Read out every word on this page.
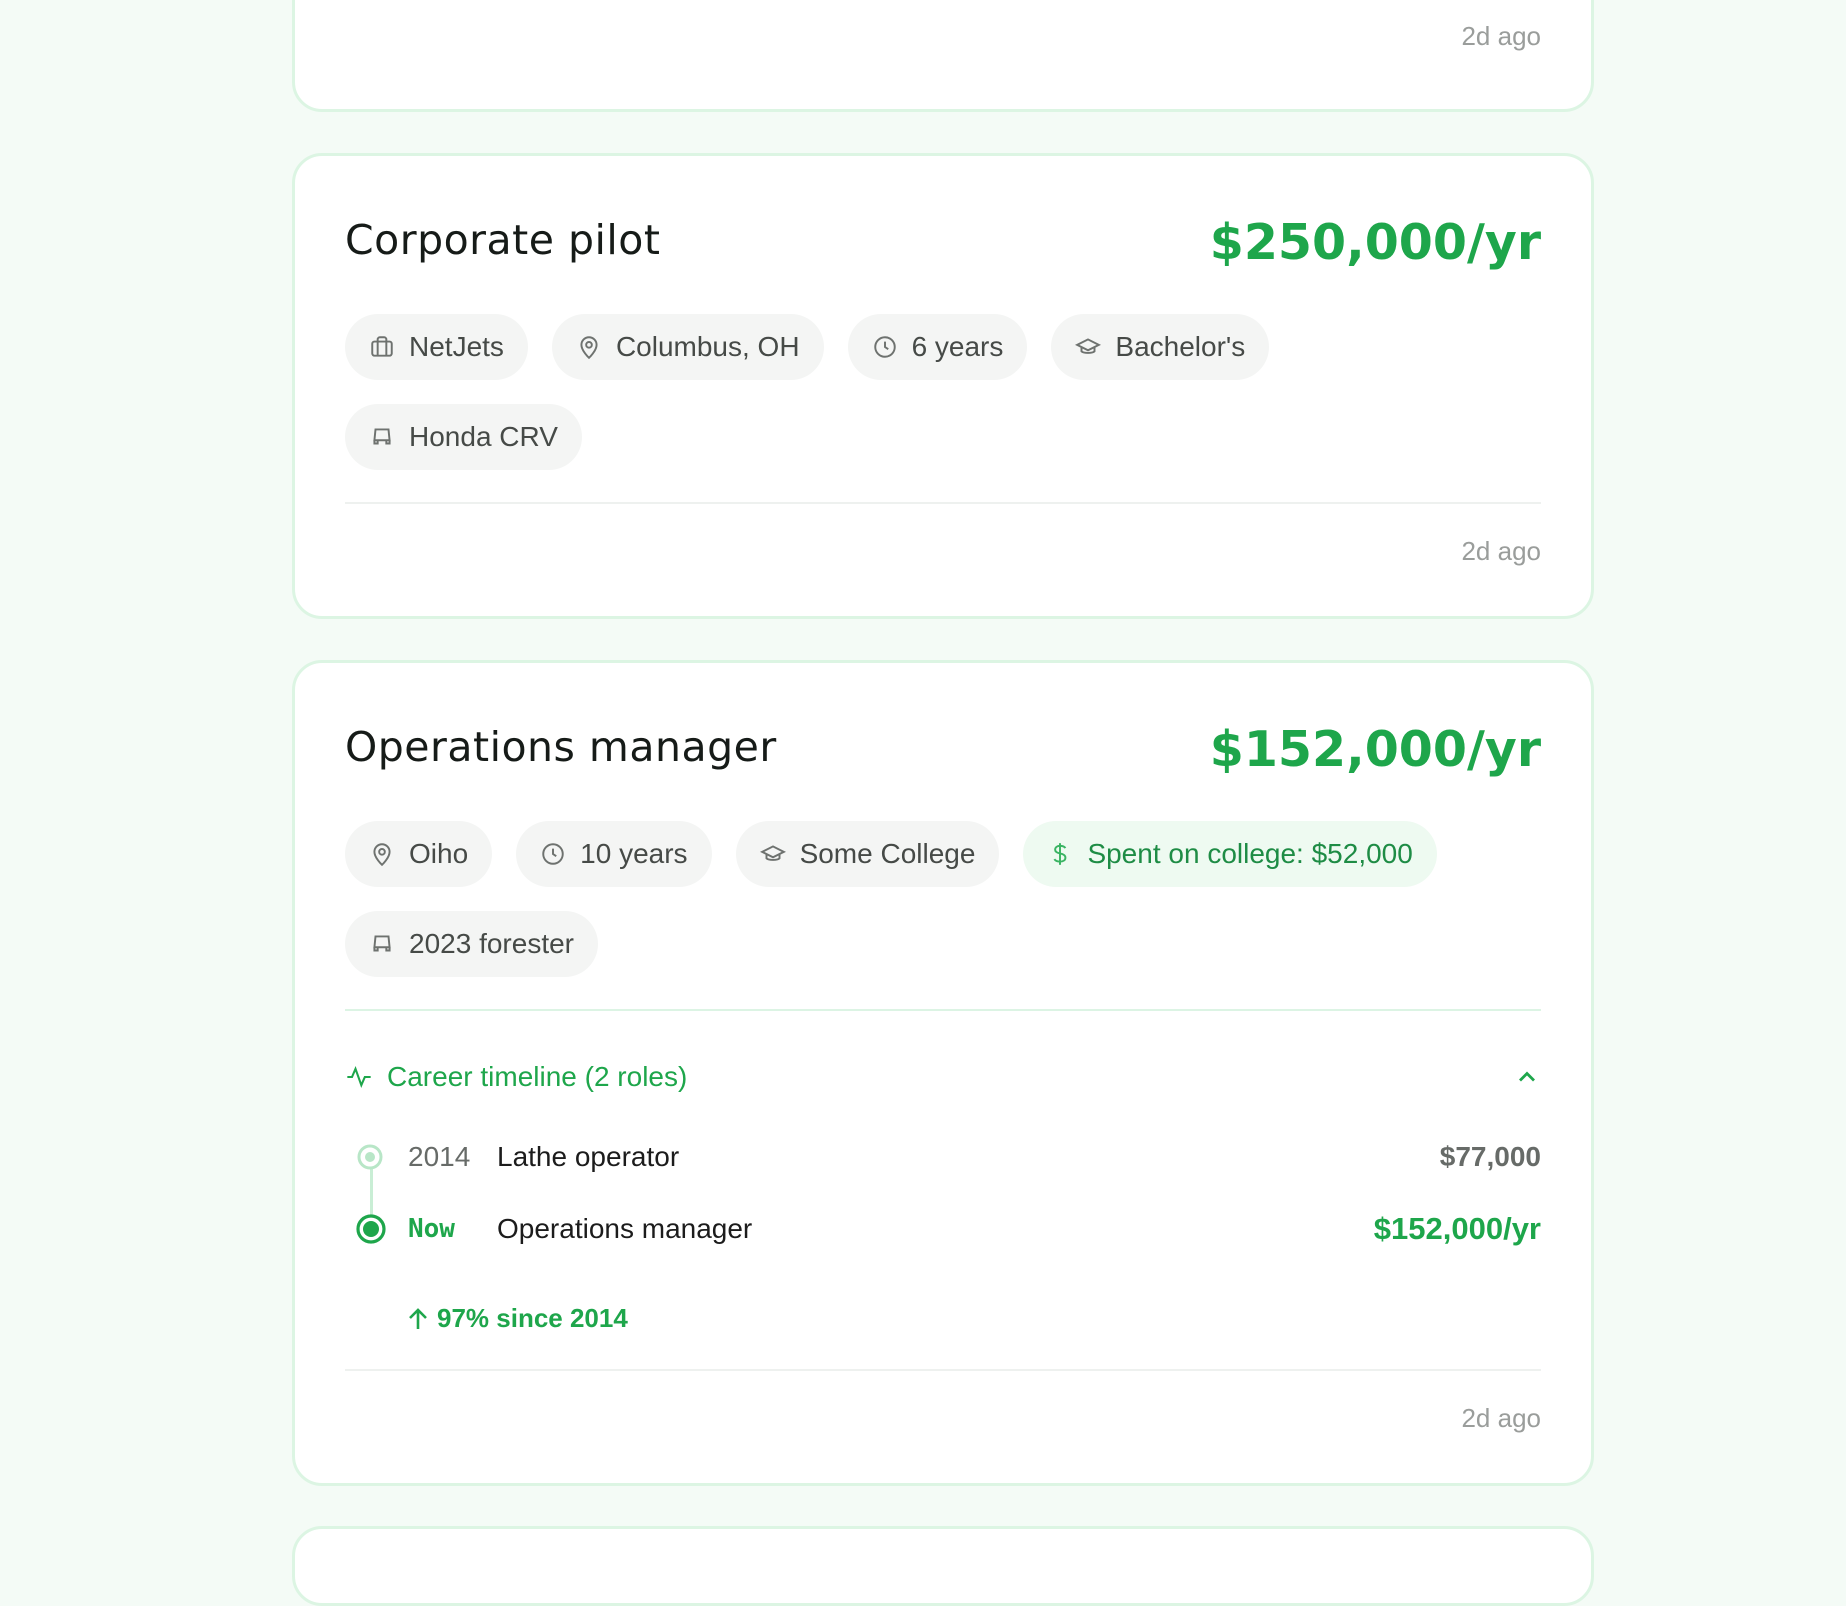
2d ago
Corporate pilot	$250,000/yr
NetJets	Columbus, OH	6 years	Bachelor's
Honda CRV
2d ago
Operations manager	$152,000/yr
Oiho	10 years	Some College	Spent on college: $52,000
2023 forester
Career timeline (2 roles)
2014 Lathe operator	$77,000
Now Operations manager	$152,000/yr
97% since 2014
2d ago
